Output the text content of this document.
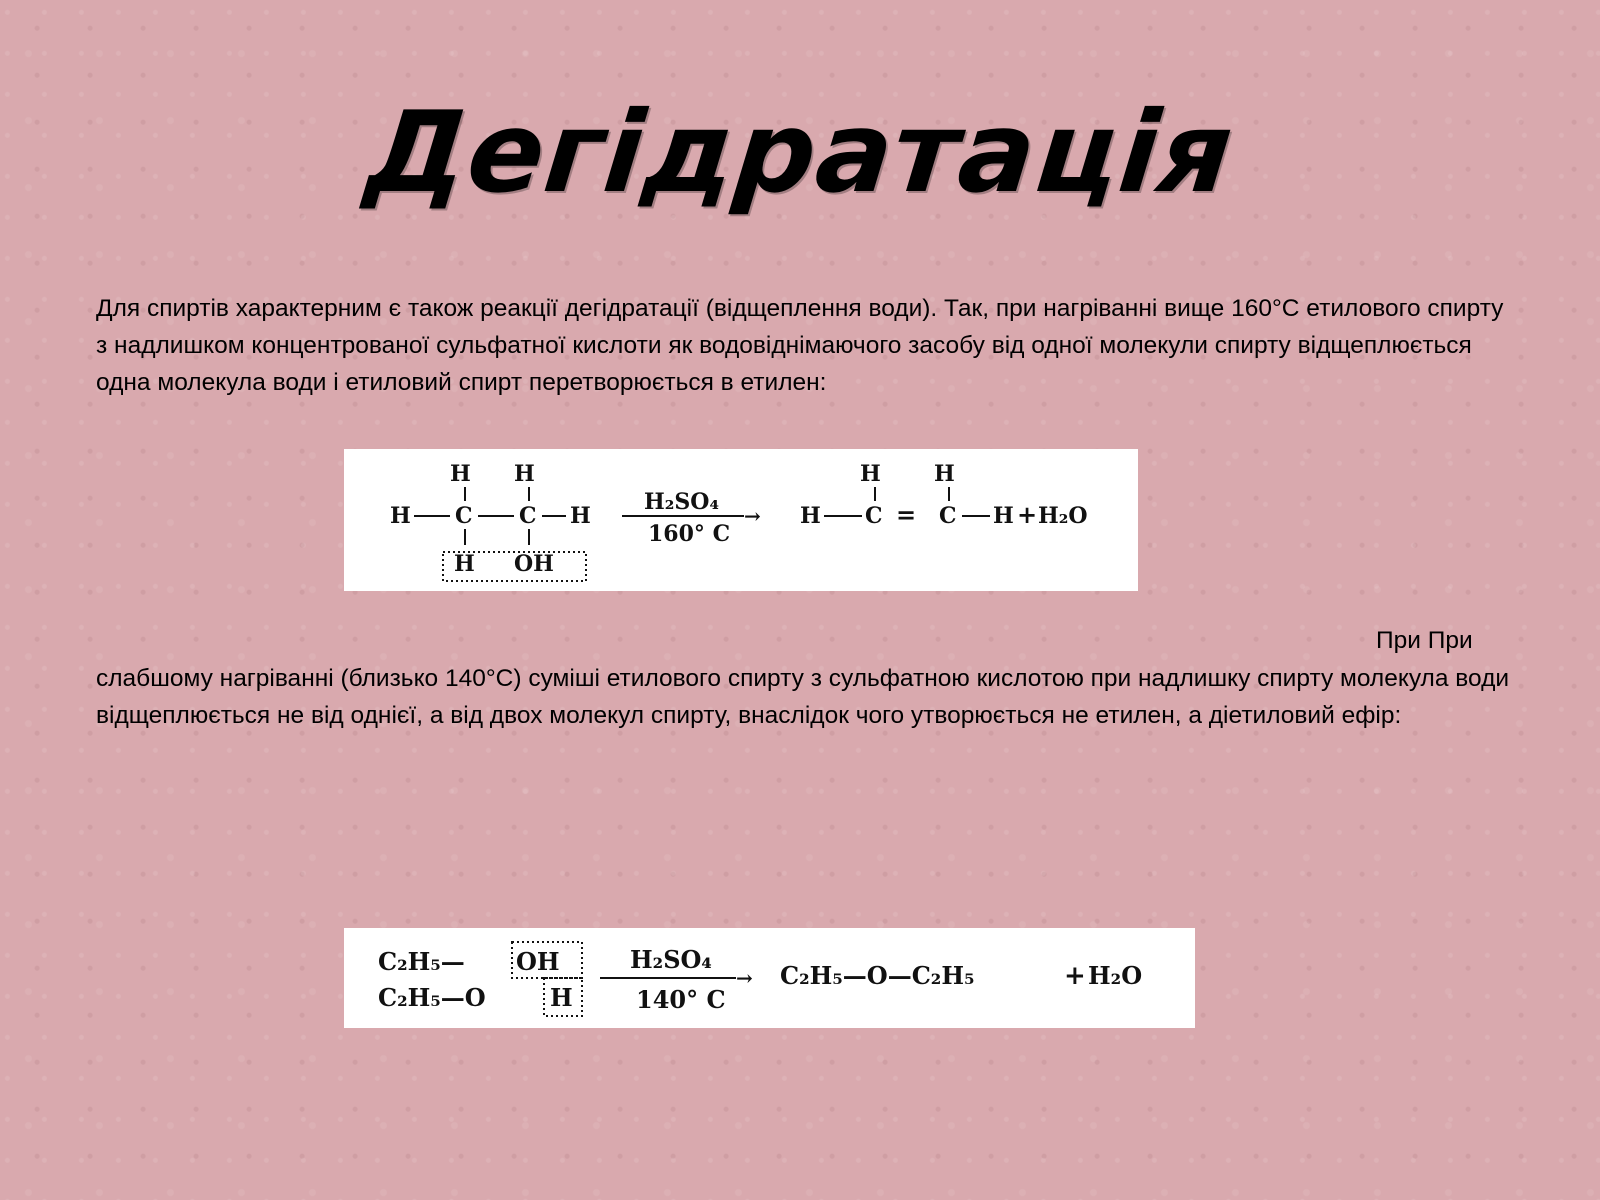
Дегідратація
Для спиртів характерним є також реакції дегідратації (відщеплення води). Так, при нагріванні вище 160°С етилового спирту з надлишком концентрованої сульфатної кислоти як водовіднімаючого засобу від одної молекули спирту відщеплюється одна молекула води і етиловий спирт перетворюється в етилен:
H H
H C C H
H OH
H₂SO₄
→
160° C
H H
H C = C H + H₂O
При При
слабшому нагріванні (близько 140°С) суміші етилового спирту з сульфатною кислотою при надлишку спирту молекула води відщеплюється не від однієї, а від двох молекул спирту, внаслідок чого утворюється не етилен, а діетиловий ефір:
C₂H₅— OH
C₂H₅—O	H
H₂SO₄
→
140° C
C₂H₅—O—C₂H₅	+ H₂O
